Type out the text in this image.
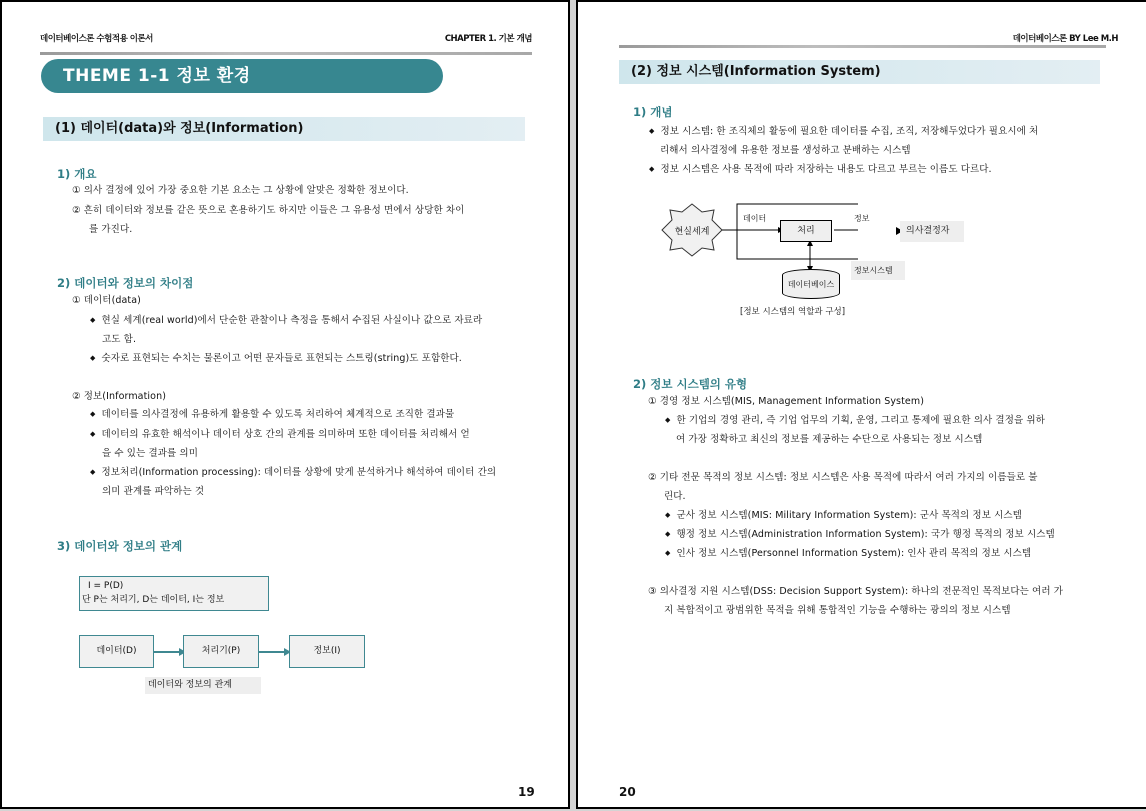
데이터베이스론 수험적용 이론서	CHAPTER 1. 기본 개념
THEME 1-1 정보 환경
(1) 데이터(data)와 정보(Information)
1) 개요
① 의사 결정에 있어 가장 중요한 기본 요소는 그 상황에 알맞은 정확한 정보이다.
② 흔히 데이터와 정보를 같은 뜻으로 혼용하기도 하지만 이들은 그 유용성 면에서 상당한 차이
를 가진다.
2) 데이터와 정보의 차이점
① 데이터(data)
◆ 현실 세계(real world)에서 단순한 관찰이나 측정을 통해서 수집된 사실이나 값으로 자료라
고도 함.
◆ 숫자로 표현되는 수치는 물론이고 어떤 문자들로 표현되는 스트링(string)도 포함한다.
② 정보(Information)
◆ 데이터를 의사결정에 유용하게 활용할 수 있도록 처리하여 체계적으로 조직한 결과물
◆ 데이터의 유효한 해석이나 데이터 상호 간의 관계를 의미하며 또한 데이터를 처리해서 얻
을 수 있는 결과를 의미
◆ 정보처리(Information processing): 데이터를 상황에 맞게 분석하거나 해석하여 데이터 간의
의미 관계를 파악하는 것
3) 데이터와 정보의 관계
I = P(D)
단 P는 처리기, D는 데이터, I는 정보
데이터(D)	처리기(P)	정보(I)
데이터와 정보의 관계
19
데이터베이스론 BY Lee M.H
(2) 정보 시스템(Information System)
1) 개념
◆ 정보 시스템: 한 조직체의 활동에 필요한 데이터를 수집, 조직, 저장해두었다가 필요시에 처
리해서 의사결정에 유용한 정보를 생성하고 분배하는 시스템
◆ 정보 시스템은 사용 목적에 따라 저장하는 내용도 다르고 부르는 이름도 다르다.
현실세계
데이터
처리
정보
의사결정자
정보시스템
데이터베이스
[정보 시스템의 역할과 구성]
2) 정보 시스템의 유형
① 경영 정보 시스템(MIS, Management Information System)
◆ 한 기업의 경영 관리, 즉 기업 업무의 기획, 운영, 그리고 통제에 필요한 의사 결정을 위하
여 가장 정확하고 최신의 정보를 제공하는 수단으로 사용되는 정보 시스템
② 기타 전문 목적의 정보 시스템: 정보 시스템은 사용 목적에 따라서 여러 가지의 이름들로 불
린다.
◆ 군사 정보 시스템(MIS: Military Information System): 군사 목적의 정보 시스템
◆ 행정 정보 시스템(Administration Information System): 국가 행정 목적의 정보 시스템
◆ 인사 정보 시스템(Personnel Information System): 인사 관리 목적의 정보 시스템
③ 의사결정 지원 시스템(DSS: Decision Support System): 하나의 전문적인 목적보다는 여러 가
지 복합적이고 광범위한 목적을 위해 통합적인 기능을 수행하는 광의의 정보 시스템
20
